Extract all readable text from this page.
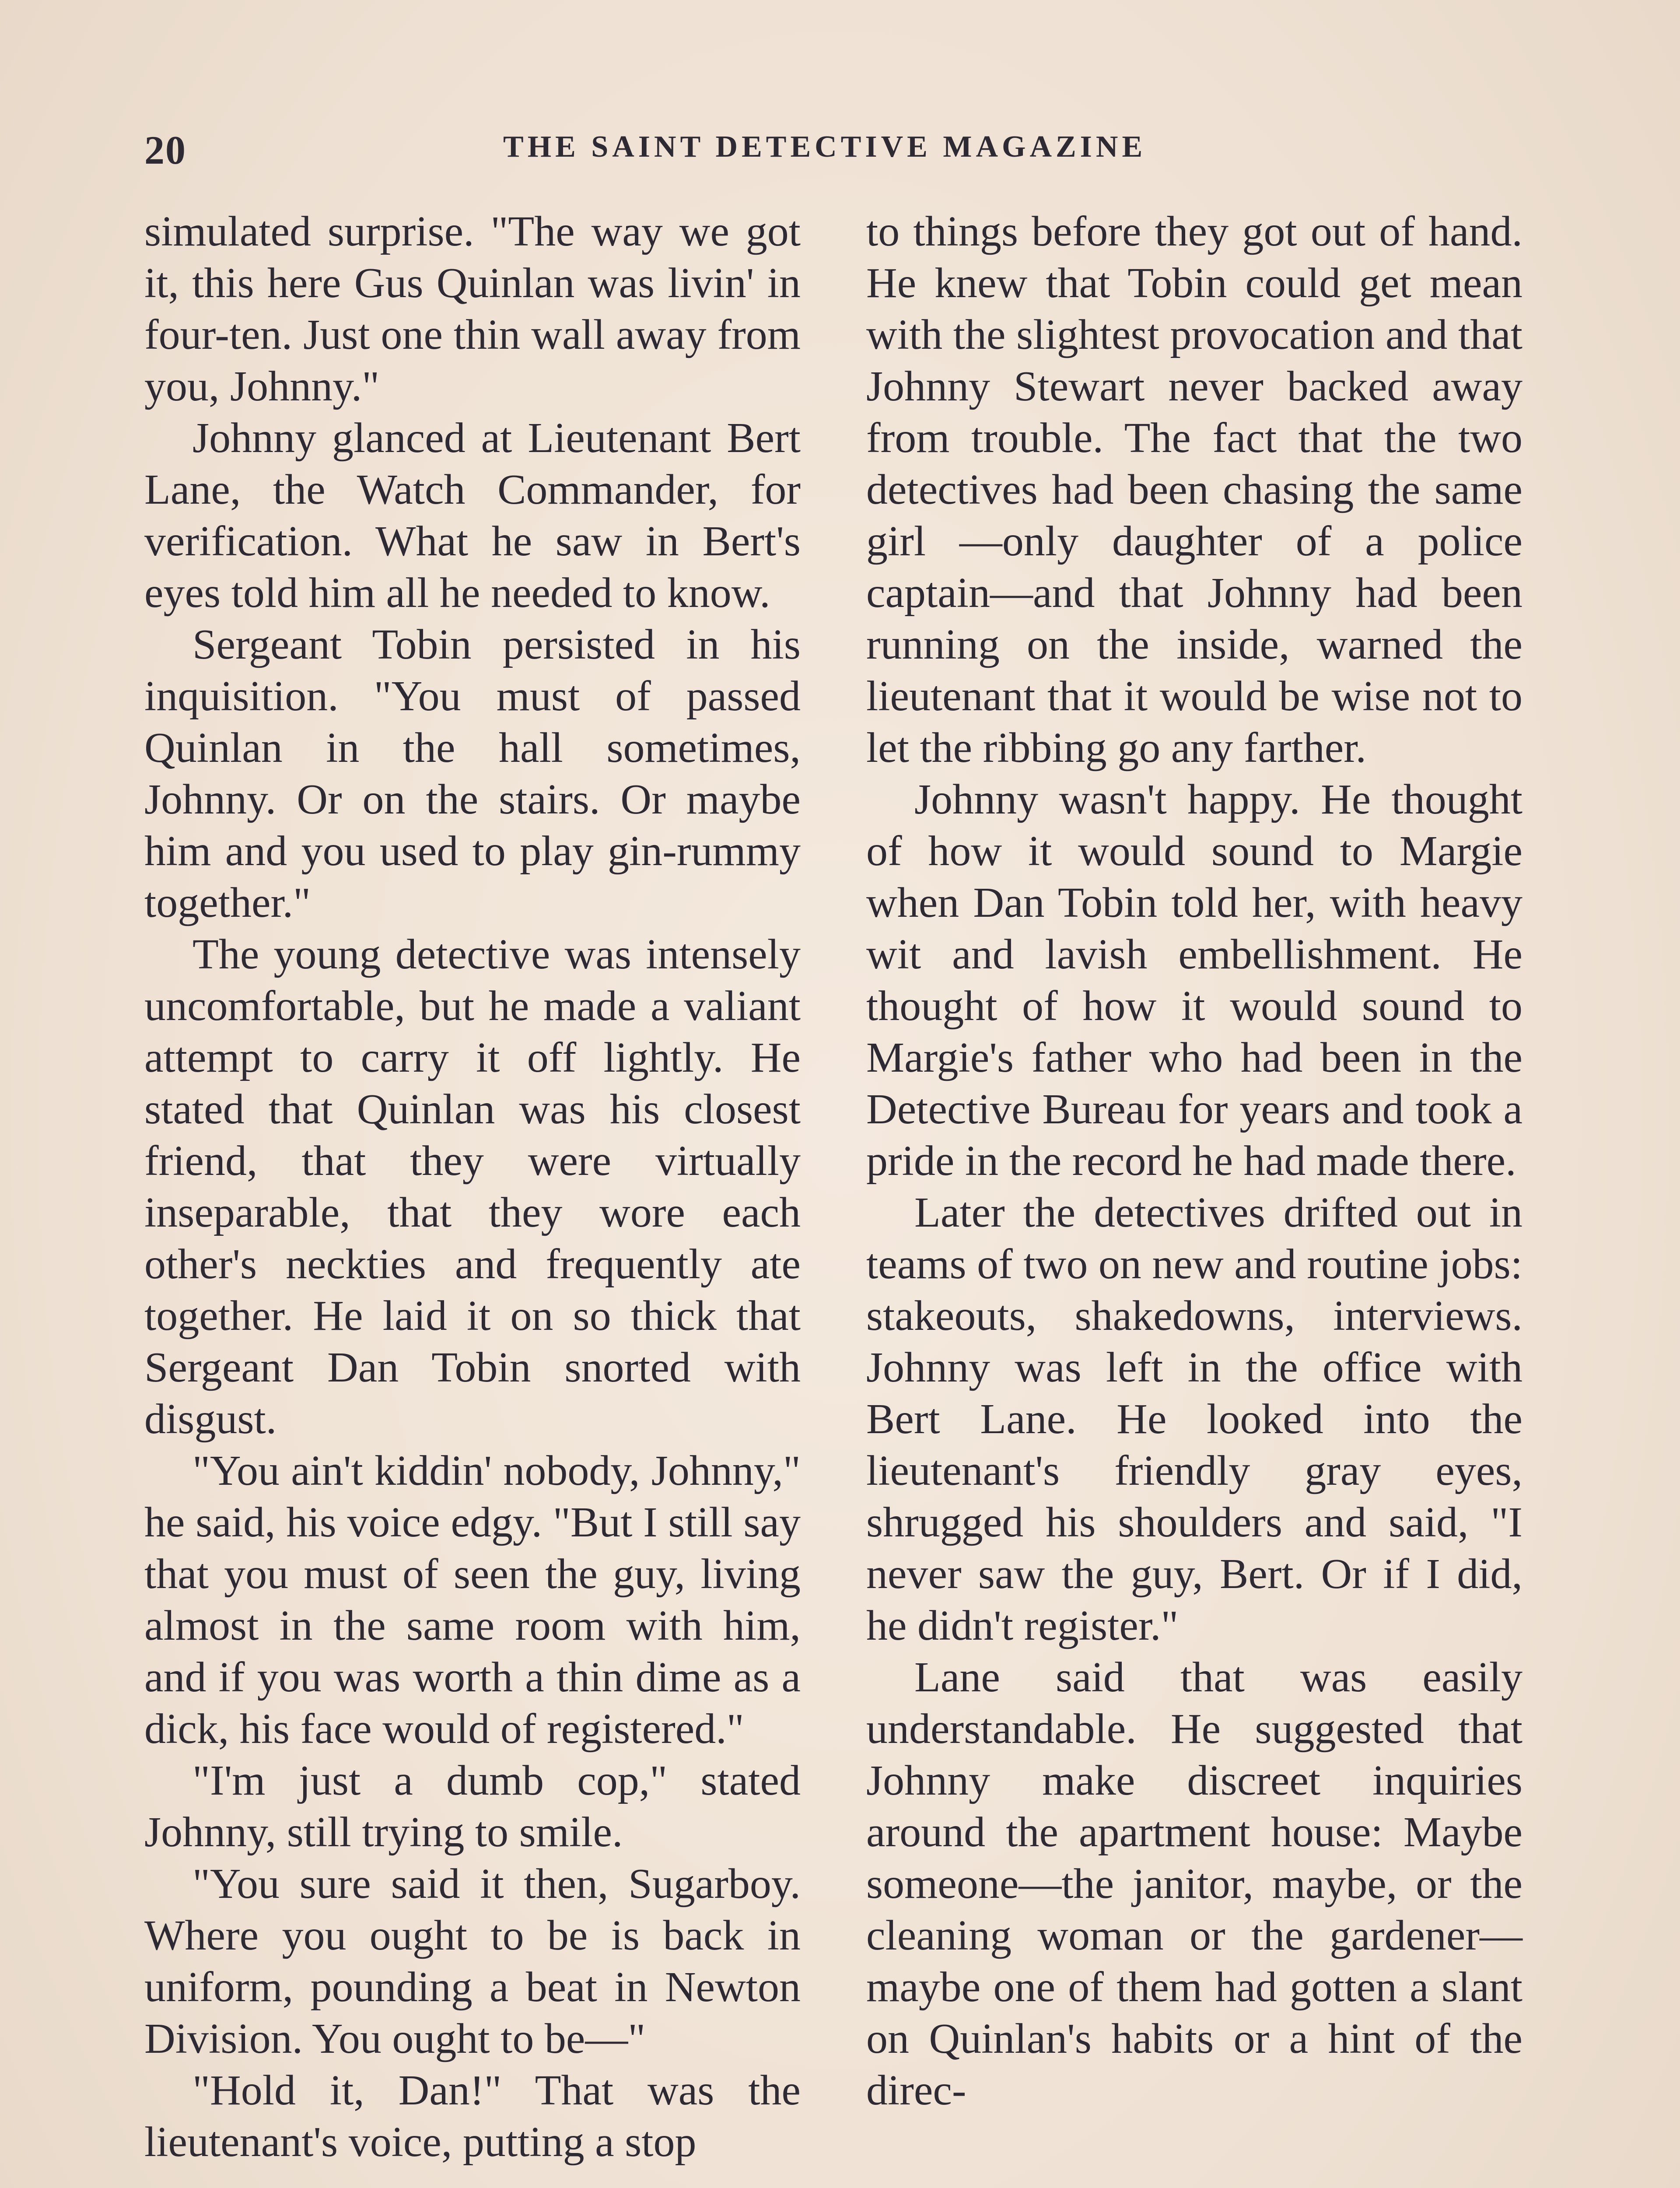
20	THE SAINT DETECTIVE MAGAZINE

simulated surprise. "The way we got it, this here Gus Quinlan was livin' in four-ten. Just one thin wall away from you, Johnny."

Johnny glanced at Lieutenant Bert Lane, the Watch Commander, for verification. What he saw in Bert's eyes told him all he needed to know.

Sergeant Tobin persisted in his inquisition. "You must of passed Quinlan in the hall sometimes, Johnny. Or on the stairs. Or maybe him and you used to play gin-rummy together."

The young detective was intensely uncomfortable, but he made a valiant attempt to carry it off lightly. He stated that Quinlan was his closest friend, that they were virtually inseparable, that they wore each other's neckties and frequently ate together. He laid it on so thick that Sergeant Dan Tobin snorted with disgust.

"You ain't kiddin' nobody, Johnny," he said, his voice edgy. "But I still say that you must of seen the guy, living almost in the same room with him, and if you was worth a thin dime as a dick, his face would of registered."

"I'm just a dumb cop," stated Johnny, still trying to smile.

"You sure said it then, Sugarboy. Where you ought to be is back in uniform, pounding a beat in Newton Division. You ought to be—"

"Hold it, Dan!" That was the lieutenant's voice, putting a stop

to things before they got out of hand. He knew that Tobin could get mean with the slightest provocation and that Johnny Stewart never backed away from trouble. The fact that the two detectives had been chasing the same girl —only daughter of a police captain—and that Johnny had been running on the inside, warned the lieutenant that it would be wise not to let the ribbing go any farther.

Johnny wasn't happy. He thought of how it would sound to Margie when Dan Tobin told her, with heavy wit and lavish embellishment. He thought of how it would sound to Margie's father who had been in the Detective Bureau for years and took a pride in the record he had made there.

Later the detectives drifted out in teams of two on new and routine jobs: stakeouts, shakedowns, interviews. Johnny was left in the office with Bert Lane. He looked into the lieutenant's friendly gray eyes, shrugged his shoulders and said, "I never saw the guy, Bert. Or if I did, he didn't register."

Lane said that was easily understandable. He suggested that Johnny make discreet inquiries around the apartment house: Maybe someone—the janitor, maybe, or the cleaning woman or the gardener—maybe one of them had gotten a slant on Quinlan's habits or a hint of the direc-
